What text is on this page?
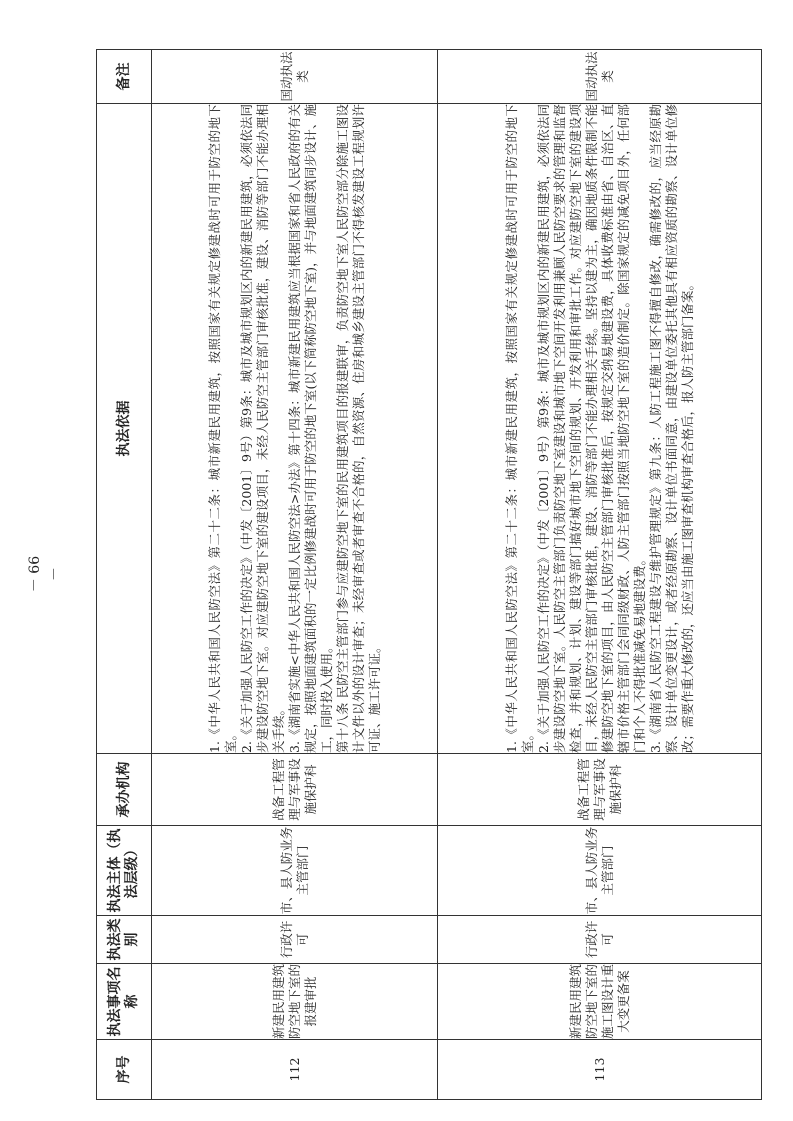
序号	执法事项名称	执法类别	执法主体（执法层级）	承办机构	执法依据	备注
112	新建民用建筑防空地下室的报建审批	行政许可	市、县人防业务主管部门	战备工程管理与军事设施保护科	1.《中华人民共和国人民防空法》第二十二条：城市新建民用建筑，按照国家有关规定修建战时可用于防空的地下室。 2.《关于加强人民防空工作的决定》（中发〔2001〕9号）第9条：城市及城市规划区内的新建民用建筑，必须依法同步建设防空地下室。对应建防空地下室的建设项目，未经人民防空主管部门审核批准，建设、消防等部门不能办理相关手续。 3.《湖南省实施<中华人民共和国人民防空法>办法》第十四条：城市新建民用建筑应当根据国家和省人民政府的有关规定，按照地面建筑面积的一定比例修建战时可用于防空的地下室(以下简称防空地下室)，并与地面建筑同步设计、施工，同时投入使用。 第十八条 民防空主管部门参与应建防空地下室的民用建筑项目的报建联审，负责防空地下室人民防空部分除施工图设计文件以外的设计审查；未经审查或者审查不合格的，自然资源、住房和城乡建设主管部门不得核发建设工程规划许可证、施工许可证。	国动执法类
113	新建民用建筑防空地下室的施工图设计重大变更备案	行政许可	市、县人防业务主管部门	战备工程管理与军事设施保护科	1.《中华人民共和国人民防空法》第二十二条：城市新建民用建筑，按照国家有关规定修建战时可用于防空的地下室。 2.《关于加强人民防空工作的决定》（中发〔2001〕9号）第9条：城市及城市规划区内的新建民用建筑，必须依法同步建设防空地下室。人民防空主管部门负责防空地下室建设和城市地下空间开发利用兼顾人民防空要求的管理和监督检查，并和规划、计划、建设等部门搞好城市地下空间的规划、开发利用和审批工作。对应建防空地下室的建设项目，未经人民防空主管部门审核批准，建设、消防等部门不能办理相关手续。坚持以建为主，确因地质条件限制不能修建防空地下室的项目，由人民防空主管部门审核批准后，按规定交纳易地建设费，具体收费标准由省、自治区、直辖市价格主管部门会同同级财政、人防主管部门按照当地防空地下室的造价制定。除国家规定的减免项目外，任何部门和个人不得批准减免易地建设费。 3.《湖南省人民防空工程建设与维护管理规定》第九条：人防工程施工图不得擅自修改，确需修改的，应当经原勘察、设计单位变更设计，或者经原勘察、设计单位书面同意，由建设单位委托其他具有相应资质的勘察、设计单位修改；需要作重大修改的，还应当由施工图审查机构审查合格后，报人防主管部门备案。	国动执法类
－ 66 －
